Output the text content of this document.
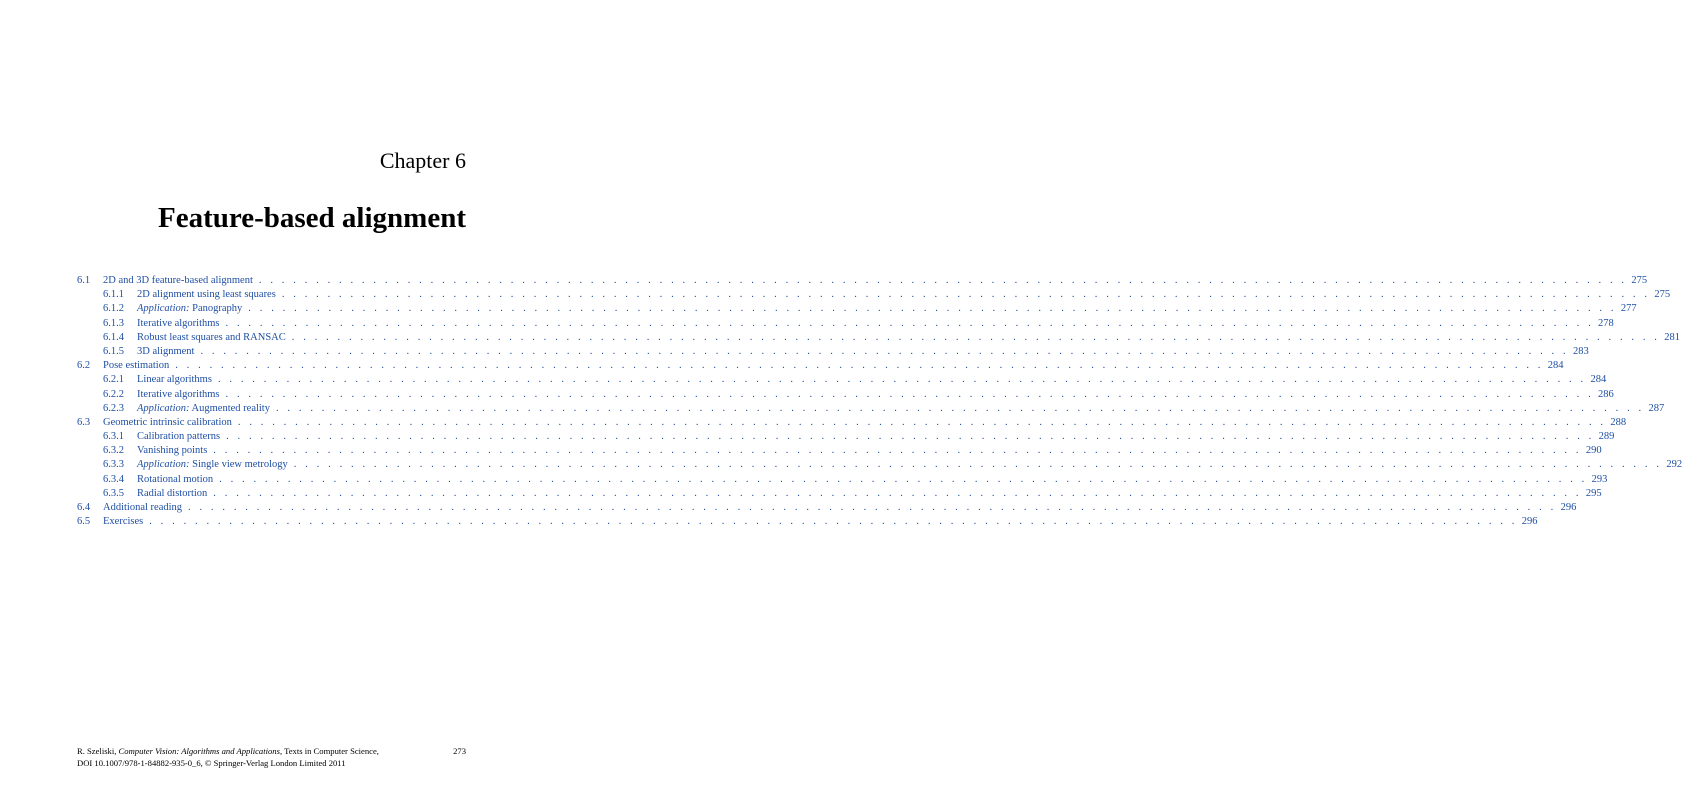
Chapter 6
Feature-based alignment
6.1	2D and 3D feature-based alignment . . . . . . . . . . . . . . . . . . . . . . . . . . . . . . . . . . . . . . . . . . . . . . . . . . . . . . . . . . . . . . . . . . . . . . . . . . . . . . . . . . . . . . . . . . . . . . . . . . . . . . . . . . . . . . . . . . . . . . . . 275
6.1.1	2D alignment using least squares . . . . . . . . . . . . . . . . . . . . . . . . . . . . . . . . . . . . . . . . . . . . . . . . . . . . . . . . . . . . . . . . . . . . . . . . . . . . . . . . . . . . . . . . . . . . . . . . . . . . . . . . . . . . . . . . . . . . . . . . 275
6.1.2	Application: Panography . . . . . . . . . . . . . . . . . . . . . . . . . . . . . . . . . . . . . . . . . . . . . . . . . . . . . . . . . . . . . . . . . . . . . . . . . . . . . . . . . . . . . . . . . . . . . . . . . . . . . . . . . . . . . . . . . . . . . . . . 277
6.1.3	Iterative algorithms . . . . . . . . . . . . . . . . . . . . . . . . . . . . . . . . . . . . . . . . . . . . . . . . . . . . . . . . . . . . . . . . . . . . . . . . . . . . . . . . . . . . . . . . . . . . . . . . . . . . . . . . . . . . . . . . . . . . . . . . 278
6.1.4	Robust least squares and RANSAC . . . . . . . . . . . . . . . . . . . . . . . . . . . . . . . . . . . . . . . . . . . . . . . . . . . . . . . . . . . . . . . . . . . . . . . . . . . . . . . . . . . . . . . . . . . . . . . . . . . . . . . . . . . . . . . . . . . . . . . . 281
6.1.5	3D alignment . . . . . . . . . . . . . . . . . . . . . . . . . . . . . . . . . . . . . . . . . . . . . . . . . . . . . . . . . . . . . . . . . . . . . . . . . . . . . . . . . . . . . . . . . . . . . . . . . . . . . . . . . . . . . . . . . . . . . . . . 283
6.2	Pose estimation . . . . . . . . . . . . . . . . . . . . . . . . . . . . . . . . . . . . . . . . . . . . . . . . . . . . . . . . . . . . . . . . . . . . . . . . . . . . . . . . . . . . . . . . . . . . . . . . . . . . . . . . . . . . . . . . . . . . . . . . 284
6.2.1	Linear algorithms . . . . . . . . . . . . . . . . . . . . . . . . . . . . . . . . . . . . . . . . . . . . . . . . . . . . . . . . . . . . . . . . . . . . . . . . . . . . . . . . . . . . . . . . . . . . . . . . . . . . . . . . . . . . . . . . . . . . . . . . 284
6.2.2	Iterative algorithms . . . . . . . . . . . . . . . . . . . . . . . . . . . . . . . . . . . . . . . . . . . . . . . . . . . . . . . . . . . . . . . . . . . . . . . . . . . . . . . . . . . . . . . . . . . . . . . . . . . . . . . . . . . . . . . . . . . . . . . . 286
6.2.3	Application: Augmented reality . . . . . . . . . . . . . . . . . . . . . . . . . . . . . . . . . . . . . . . . . . . . . . . . . . . . . . . . . . . . . . . . . . . . . . . . . . . . . . . . . . . . . . . . . . . . . . . . . . . . . . . . . . . . . . . . . . . . . . . . 287
6.3	Geometric intrinsic calibration . . . . . . . . . . . . . . . . . . . . . . . . . . . . . . . . . . . . . . . . . . . . . . . . . . . . . . . . . . . . . . . . . . . . . . . . . . . . . . . . . . . . . . . . . . . . . . . . . . . . . . . . . . . . . . . . . . . . . . . . 288
6.3.1	Calibration patterns . . . . . . . . . . . . . . . . . . . . . . . . . . . . . . . . . . . . . . . . . . . . . . . . . . . . . . . . . . . . . . . . . . . . . . . . . . . . . . . . . . . . . . . . . . . . . . . . . . . . . . . . . . . . . . . . . . . . . . . . 289
6.3.2	Vanishing points . . . . . . . . . . . . . . . . . . . . . . . . . . . . . . . . . . . . . . . . . . . . . . . . . . . . . . . . . . . . . . . . . . . . . . . . . . . . . . . . . . . . . . . . . . . . . . . . . . . . . . . . . . . . . . . . . . . . . . . . 290
6.3.3	Application: Single view metrology . . . . . . . . . . . . . . . . . . . . . . . . . . . . . . . . . . . . . . . . . . . . . . . . . . . . . . . . . . . . . . . . . . . . . . . . . . . . . . . . . . . . . . . . . . . . . . . . . . . . . . . . . . . . . . . . . . . . . . . . 292
6.3.4	Rotational motion . . . . . . . . . . . . . . . . . . . . . . . . . . . . . . . . . . . . . . . . . . . . . . . . . . . . . . . . . . . . . . . . . . . . . . . . . . . . . . . . . . . . . . . . . . . . . . . . . . . . . . . . . . . . . . . . . . . . . . . . 293
6.3.5	Radial distortion . . . . . . . . . . . . . . . . . . . . . . . . . . . . . . . . . . . . . . . . . . . . . . . . . . . . . . . . . . . . . . . . . . . . . . . . . . . . . . . . . . . . . . . . . . . . . . . . . . . . . . . . . . . . . . . . . . . . . . . . 295
6.4	Additional reading . . . . . . . . . . . . . . . . . . . . . . . . . . . . . . . . . . . . . . . . . . . . . . . . . . . . . . . . . . . . . . . . . . . . . . . . . . . . . . . . . . . . . . . . . . . . . . . . . . . . . . . . . . . . . . . . . . . . . . . . 296
6.5	Exercises . . . . . . . . . . . . . . . . . . . . . . . . . . . . . . . . . . . . . . . . . . . . . . . . . . . . . . . . . . . . . . . . . . . . . . . . . . . . . . . . . . . . . . . . . . . . . . . . . . . . . . . . . . . . . . . . . . . . . . . . 296
R. Szeliski, Computer Vision: Algorithms and Applications, Texts in Computer Science,
DOI 10.1007/978-1-84882-935-0_6, © Springer-Verlag London Limited 2011
273
